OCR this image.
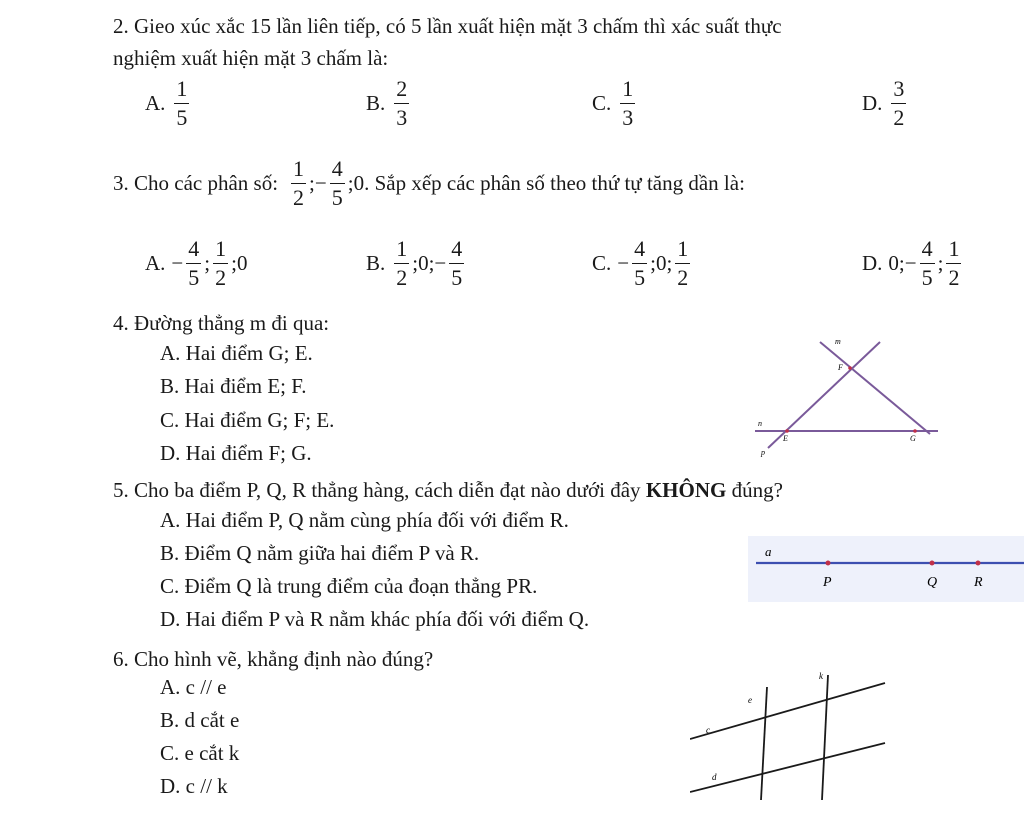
2. Gieo xúc xắc 15 lần liên tiếp, có 5 lần xuất hiện mặt 3 chấm thì xác suất thực
nghiệm xuất hiện mặt 3 chấm là:
A. $\frac{1}{5}$	B. $\frac{2}{3}$	C. $\frac{1}{3}$	D. $\frac{3}{2}$
3. Cho các phân số: $\frac{1}{2}$ ; − $\frac{4}{5}$ ;0 . Sắp xếp các phân số theo thứ tự tăng dần là:
A. − $\frac{4}{5}$ ; $\frac{1}{2}$ ;0	B. $\frac{1}{2}$ ;0;− $\frac{4}{5}$	C. − $\frac{4}{5}$ ;0; $\frac{1}{2}$	D. 0;− $\frac{4}{5}$ ; $\frac{1}{2}$
4. Đường thẳng m đi qua:
A. Hai điểm G; E.
B. Hai điểm E; F.
C. Hai điểm G; F; E.
D. Hai điểm F; G.
m
F
n
E	G
p
5. Cho ba điểm P, Q, R thẳng hàng, cách diễn đạt nào dưới đây KHÔNG đúng?
A. Hai điểm P, Q nằm cùng phía đối với điểm R.
B. Điểm Q nằm giữa hai điểm P và R.
C. Điểm Q là trung điểm của đoạn thẳng PR.
D. Hai điểm P và R nằm khác phía đối với điểm Q.
a
P	Q	R
6. Cho hình vẽ, khẳng định nào đúng?
A. c // e
B. d cắt e
C. e cắt k
D. c // k
k
e
c
d
